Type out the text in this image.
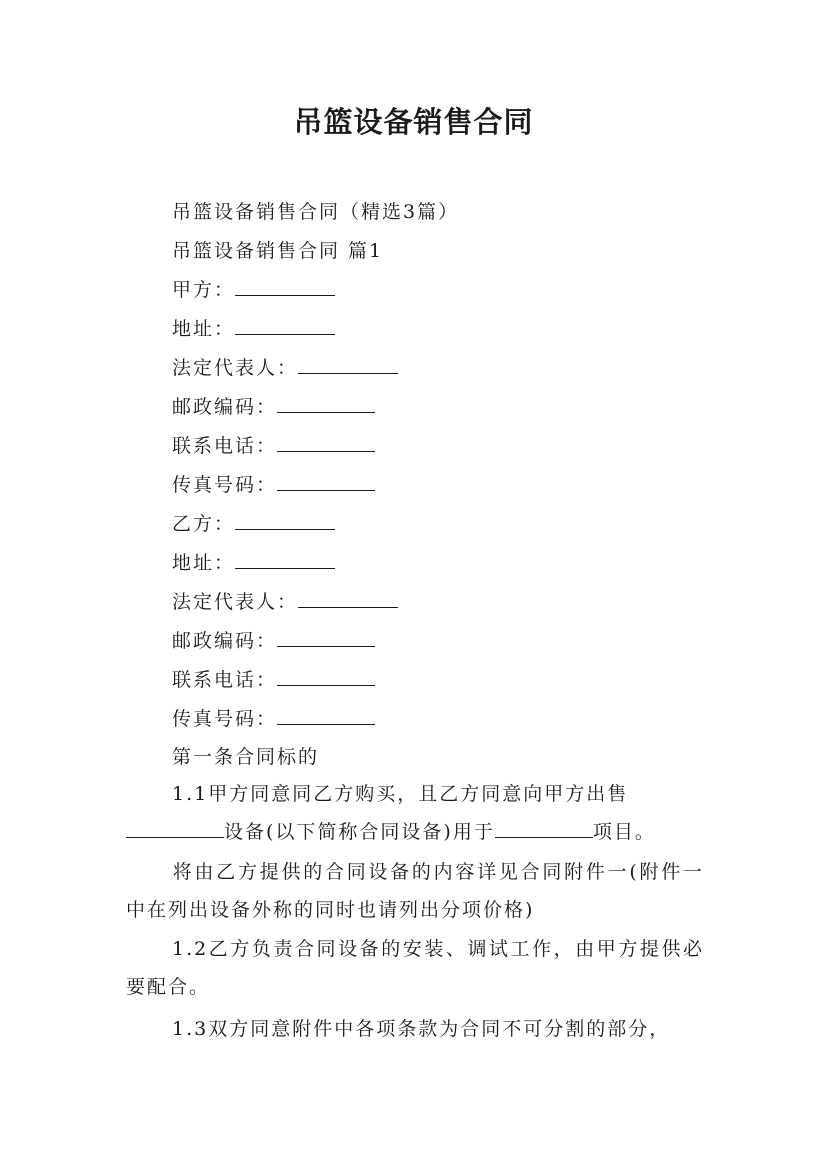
吊篮设备销售合同

吊篮设备销售合同（精选3篇）

吊篮设备销售合同 篇1

甲方：

地址：

法定代表人：

邮政编码：

联系电话：

传真号码：

乙方：

地址：

法定代表人：

邮政编码：

联系电话：

传真号码：

第一条合同标的

1.1甲方同意同乙方购买，且乙方同意向甲方出售
设备(以下简称合同设备)用于	项目。

将由乙方提供的合同设备的内容详见合同附件一(附件一中在列出设备外称的同时也请列出分项价格)

1.2乙方负责合同设备的安装、调试工作，由甲方提供必要配合。

1.3双方同意附件中各项条款为合同不可分割的部分，
